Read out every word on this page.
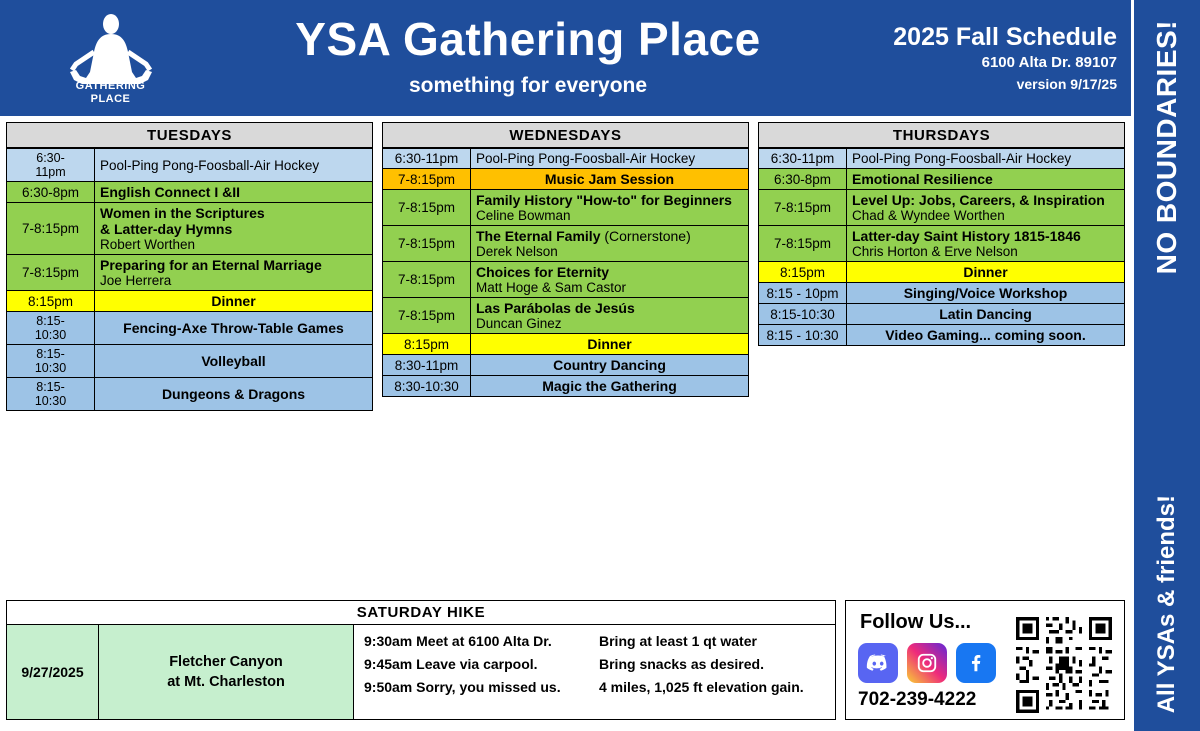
YSA
GATHERING
PLACE
YSA Gathering Place
something for everyone
2025 Fall Schedule
6100 Alta Dr. 89107
version 9/17/25 NO BOUNDARIES!
All YSAs & friends!
TUESDAYS
6:30-
11pm	Pool-Ping Pong-Foosball-Air Hockey

6:30-8pm	English Connect I &II

7-8:15pm	Women in the Scriptures
& Latter-day Hymns
Robert Worthen

7-8:15pm	Preparing for an Eternal Marriage
Joe Herrera

8:15pm	Dinner

8:15-
10:30	Fencing-Axe Throw-Table Games

8:15-
10:30	Volleyball

8:15-
10:30	Dungeons & Dragons
WEDNESDAYS
6:30-11pm	Pool-Ping Pong-Foosball-Air Hockey

7-8:15pm	Music Jam Session

7-8:15pm	Family History "How-to" for Beginners
Celine Bowman

7-8:15pm	The Eternal Family (Cornerstone)
Derek Nelson

7-8:15pm	Choices for Eternity
Matt Hoge & Sam Castor

7-8:15pm	Las Parábolas de Jesús
Duncan Ginez

8:15pm	Dinner

8:30-11pm	Country Dancing

8:30-10:30	Magic the Gathering
THURSDAYS
6:30-11pm	Pool-Ping Pong-Foosball-Air Hockey

6:30-8pm	Emotional Resilience

7-8:15pm	Level Up: Jobs, Careers, & Inspiration
Chad & Wyndee Worthen

7-8:15pm	Latter-day Saint History 1815-1846
Chris Horton & Erve Nelson

8:15pm	Dinner

8:15 - 10pm	Singing/Voice Workshop

8:15-10:30	Latin Dancing

8:15 - 10:30	Video Gaming... coming soon.
SATURDAY HIKE
9/27/2025
Fletcher Canyon
at Mt. Charleston
9:30am Meet at 6100 Alta Dr.	Bring at least 1 qt water
9:45am Leave via carpool.	Bring snacks as desired.
9:50am Sorry, you missed us.	4 miles, 1,025 ft elevation gain.
Follow Us...
702-239-4222
